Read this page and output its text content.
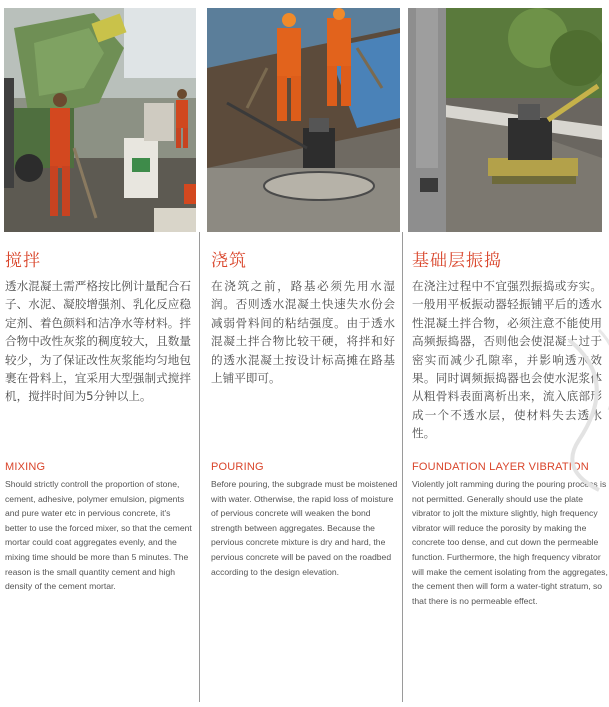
搅拌
透水混凝土需严格按比例计量配合石子、水泥、凝胶增强剂、乳化反应稳定剂、着色颜料和洁净水等材料。拌合物中改性灰浆的稠度较大，且数量较少，为了保证改性灰浆能均匀地包裹在骨料上，宜采用大型强制式搅拌机，搅拌时间为5分钟以上。
MIXING
Should strictly controll the proportion of stone, cement, adhesive, polymer emulsion, pigments and pure water etc in pervious concrete, it's better to use the forced mixer, so that the cement mortar could coat aggregates evenly, and the mixing time should be more than 5 minutes. The reason is the small quantity cement and high density of the cement mortar.
浇筑
在浇筑之前，路基必须先用水湿润。否则透水混凝土快速失水份会减弱骨料间的粘结强度。由于透水混凝土拌合物比较干硬，将拌和好的透水混凝土按设计标高摊在路基上铺平即可。
POURING
Before pouring, the subgrade must be moistened with water. Otherwise, the rapid loss of moisture of pervious concrete will weaken the bond strength between aggregates. Because the pervious concrete mixture is dry and hard, the pervious concrete will be paved on the roadbed according to the design elevation.
基础层振捣
在浇注过程中不宜强烈振捣或夯实。一般用平板振动器轻振铺平后的透水性混凝土拌合物，必须注意不能使用高频振捣器，否则他会使混凝土过于密实而减少孔隙率，并影响透水效果。同时调频振捣器也会使水泥浆体从粗骨料表面离析出来，流入底部形成一个不透水层，使材料失去透水性。
FOUNDATION LAYER VIBRATION
Violently jolt ramming during the pouring process is not permitted. Generally should use the plate vibrator to jolt the mixture slightly, high frequency vibrator will reduce the porosity by making the concrete too dense, and cut down the permeable function. Furthermore, the high frequency vibrator will make the cement isolating from the aggregates, the cement then will form a water-tight stratum, so that there is no permeable effect.
